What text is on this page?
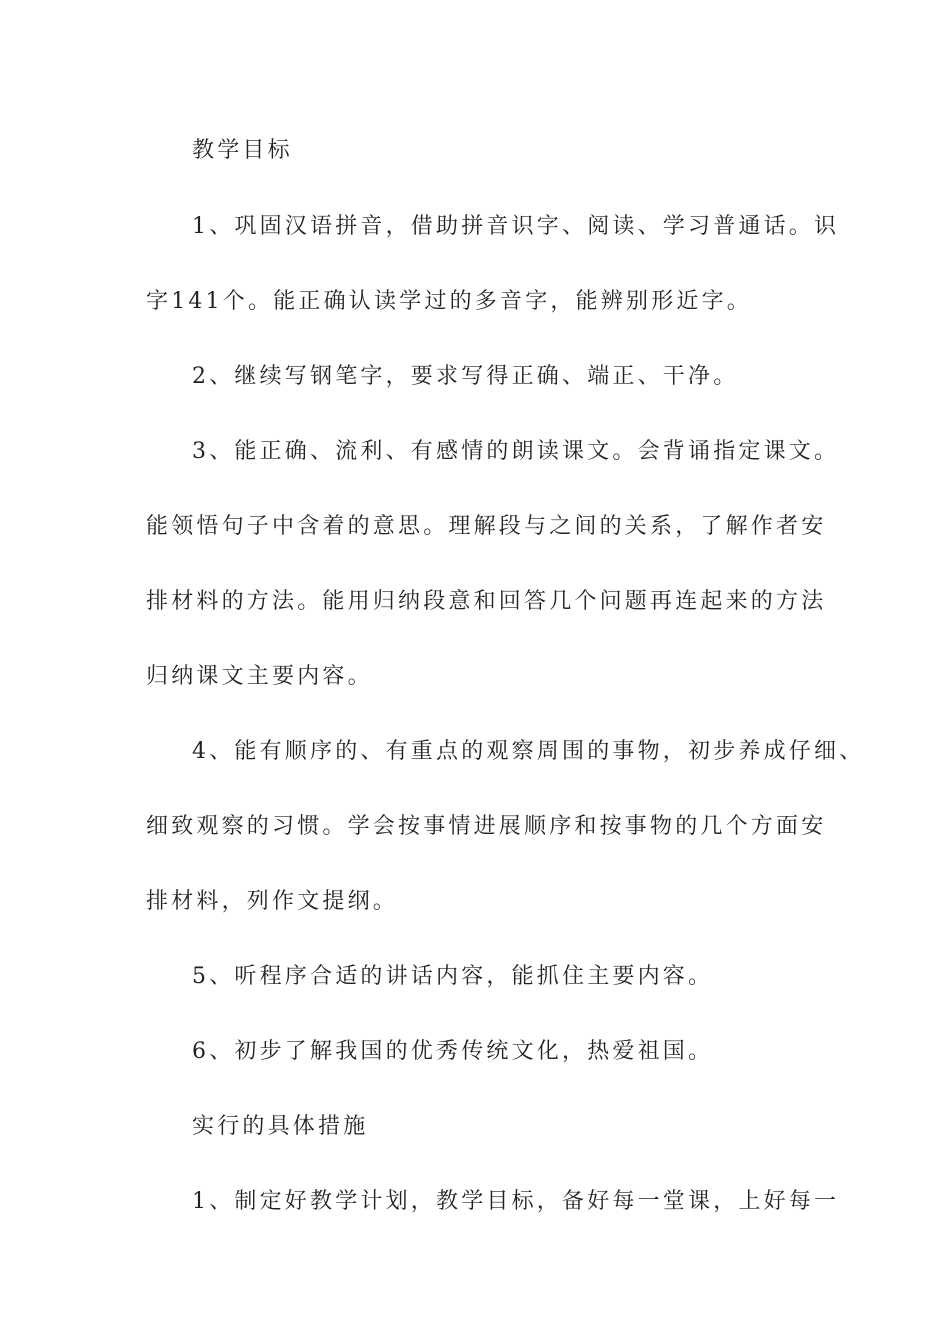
教学目标
1、巩固汉语拼音，借助拼音识字、阅读、学习普通话。识
字141个。能正确认读学过的多音字，能辨别形近字。
2、继续写钢笔字，要求写得正确、端正、干净。
3、能正确、流利、有感情的朗读课文。会背诵指定课文。
能领悟句子中含着的意思。理解段与之间的关系，了解作者安
排材料的方法。能用归纳段意和回答几个问题再连起来的方法
归纳课文主要内容。
4、能有顺序的、有重点的观察周围的事物，初步养成仔细、
细致观察的习惯。学会按事情进展顺序和按事物的几个方面安
排材料，列作文提纲。
5、听程序合适的讲话内容，能抓住主要内容。
6、初步了解我国的优秀传统文化，热爱祖国。
实行的具体措施
1、制定好教学计划，教学目标，备好每一堂课，上好每一
